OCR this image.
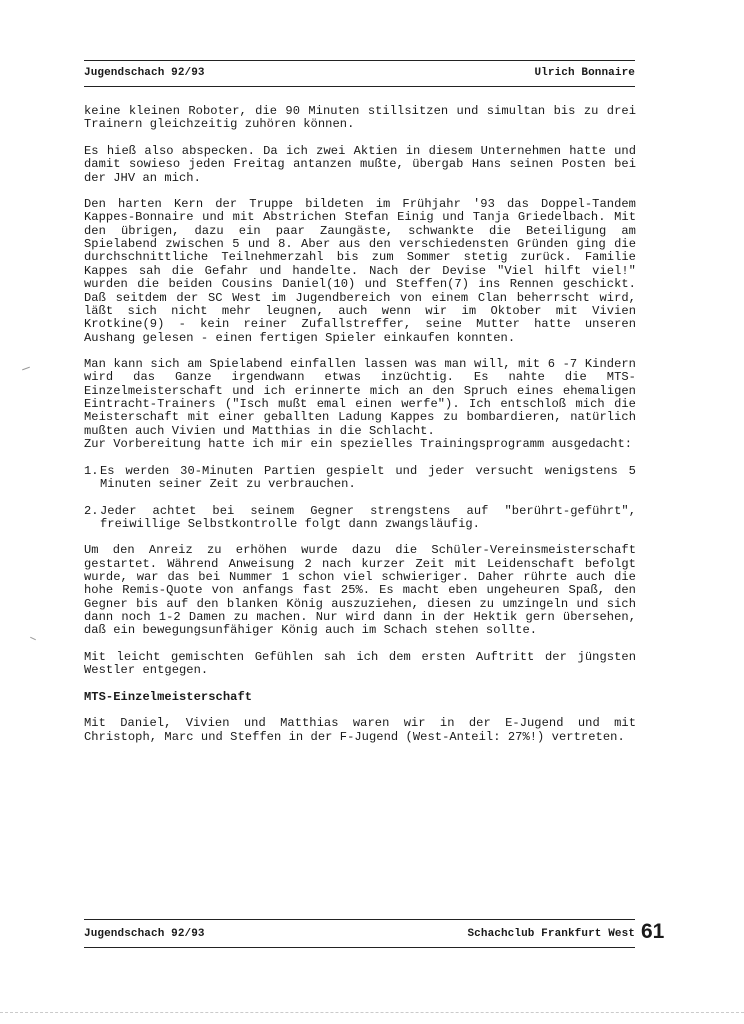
Jugendschach 92/93	Ulrich Bonnaire

keine kleinen Roboter, die 90 Minuten stillsitzen und simultan bis zu drei Trainern gleichzeitig zuhören können.

Es hieß also abspecken. Da ich zwei Aktien in diesem Unternehmen hatte und damit sowieso jeden Freitag antanzen mußte, übergab Hans seinen Posten bei der JHV an mich.

Den harten Kern der Truppe bildeten im Frühjahr '93 das Doppel-Tandem Kappes-Bonnaire und mit Abstrichen Stefan Einig und Tanja Griedelbach. Mit den übrigen, dazu ein paar Zaungäste, schwankte die Beteiligung am Spielabend zwischen 5 und 8. Aber aus den verschiedensten Gründen ging die durchschnittliche Teilnehmerzahl bis zum Sommer stetig zurück. Familie Kappes sah die Gefahr und handelte. Nach der Devise "Viel hilft viel!" wurden die beiden Cousins Daniel(10) und Steffen(7) ins Rennen geschickt. Daß seitdem der SC West im Jugendbereich von einem Clan beherrscht wird, läßt sich nicht mehr leugnen, auch wenn wir im Oktober mit Vivien Krotkine(9) - kein reiner Zufallstreffer, seine Mutter hatte unseren Aushang gelesen - einen fertigen Spieler einkaufen konnten.

Man kann sich am Spielabend einfallen lassen was man will, mit 6 -7 Kindern wird das Ganze irgendwann etwas inzüchtig. Es nahte die MTS-Einzelmeisterschaft und ich erinnerte mich an den Spruch eines ehemaligen Eintracht-Trainers ("Isch mußt emal einen werfe"). Ich entschloß mich die Meisterschaft mit einer geballten Ladung Kappes zu bombardieren, natürlich mußten auch Vivien und Matthias in die Schlacht.

Zur Vorbereitung hatte ich mir ein spezielles Trainingsprogramm ausgedacht:

1. Es werden 30-Minuten Partien gespielt und jeder versucht wenigstens 5 Minuten seiner Zeit zu verbrauchen.
2. Jeder achtet bei seinem Gegner strengstens auf "berührt-geführt", freiwillige Selbstkontrolle folgt dann zwangsläufig.

Um den Anreiz zu erhöhen wurde dazu die Schüler-Vereinsmeisterschaft gestartet. Während Anweisung 2 nach kurzer Zeit mit Leidenschaft befolgt wurde, war das bei Nummer 1 schon viel schwieriger. Daher rührte auch die hohe Remis-Quote von anfangs fast 25%. Es macht eben ungeheuren Spaß, den Gegner bis auf den blanken König auszuziehen, diesen zu umzingeln und sich dann noch 1-2 Damen zu machen. Nur wird dann in der Hektik gern übersehen, daß ein bewegungsunfähiger König auch im Schach stehen sollte.

Mit leicht gemischten Gefühlen sah ich dem ersten Auftritt der jüngsten Westler entgegen.

MTS-Einzelmeisterschaft

Mit Daniel, Vivien und Matthias waren wir in der E-Jugend und mit Christoph, Marc und Steffen in der F-Jugend (West-Anteil: 27%!) vertreten.

Jugendschach 92/93	Schachclub Frankfurt West 61
